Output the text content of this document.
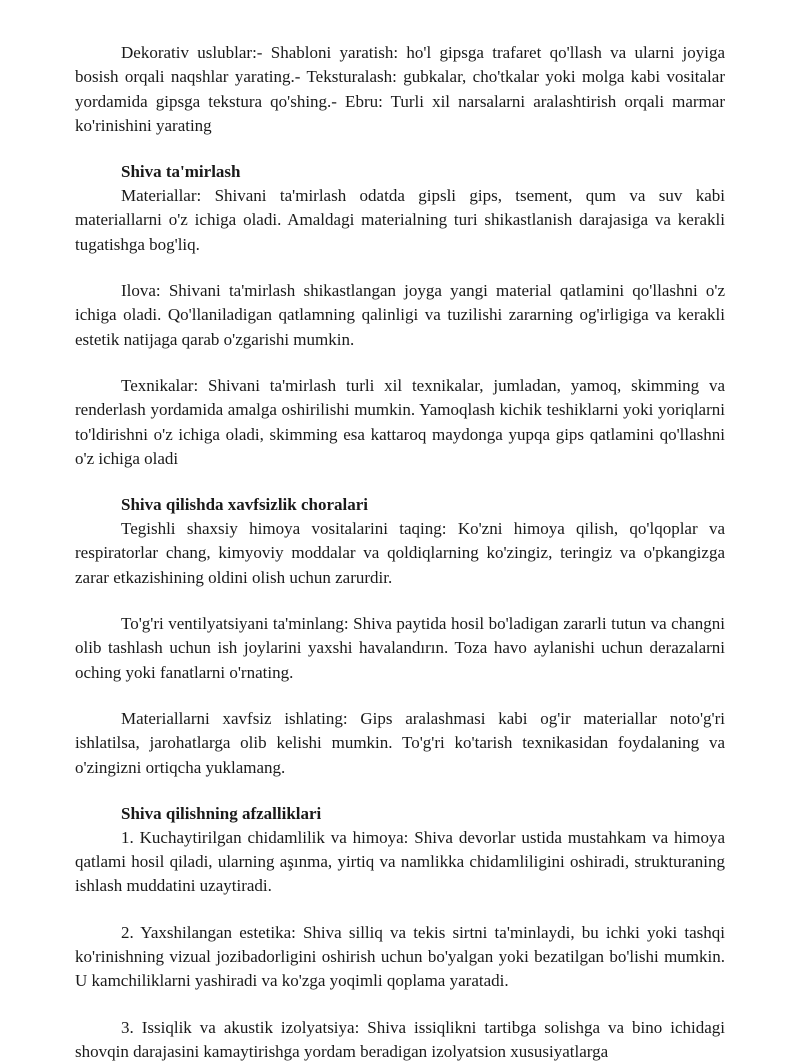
Dekorativ uslublar:- Shabloni yaratish: ho'l gipsga trafaret qo'llash va ularni joyiga bosish orqali naqshlar yarating.- Teksturalash: gubkalar, cho'tkalar yoki molga kabi vositalar yordamida gipsga tekstura qo'shing.- Ebru: Turli xil narsalarni aralashtirish orqali marmar ko'rinishini yarating

Shiva ta'mirlash

Materiallar: Shivani ta'mirlash odatda gipsli gips, tsement, qum va suv kabi materiallarni o'z ichiga oladi. Amaldagi materialning turi shikastlanish darajasiga va kerakli tugatishga bog'liq.

Ilova: Shivani ta'mirlash shikastlangan joyga yangi material qatlamini qo'llashni o'z ichiga oladi. Qo'llaniladigan qatlamning qalinligi va tuzilishi zararning og'irligiga va kerakli estetik natijaga qarab o'zgarishi mumkin.

Texnikalar: Shivani ta'mirlash turli xil texnikalar, jumladan, yamoq, skimming va renderlash yordamida amalga oshirilishi mumkin. Yamoqlash kichik teshiklarni yoki yoriqlarni to'ldirishni o'z ichiga oladi, skimming esa kattaroq maydonga yupqa gips qatlamini qo'llashni o'z ichiga oladi

Shiva qilishda xavfsizlik choralari

Tegishli shaxsiy himoya vositalarini taqing: Ko'zni himoya qilish, qo'lqoplar va respiratorlar chang, kimyoviy moddalar va qoldiqlarning ko'zingiz, teringiz va o'pkangizga zarar etkazishining oldini olish uchun zarurdir.

To'g'ri ventilyatsiyani ta'minlang: Shiva paytida hosil bo'ladigan zararli tutun va changni olib tashlash uchun ish joylarini yaxshi havalandırın. Toza havo aylanishi uchun derazalarni oching yoki fanatlarni o'rnating.

Materiallarni xavfsiz ishlating: Gips aralashmasi kabi og'ir materiallar noto'g'ri ishlatilsa, jarohatlarga olib kelishi mumkin. To'g'ri ko'tarish texnikasidan foydalaning va o'zingizni ortiqcha yuklamang.

Shiva qilishning afzalliklari

1. Kuchaytirilgan chidamlilik va himoya: Shiva devorlar ustida mustahkam va himoya qatlami hosil qiladi, ularning aşınma, yirtiq va namlikka chidamliligini oshiradi, strukturaning ishlash muddatini uzaytiradi.

2. Yaxshilangan estetika: Shiva silliq va tekis sirtni ta'minlaydi, bu ichki yoki tashqi ko'rinishning vizual jozibadorligini oshirish uchun bo'yalgan yoki bezatilgan bo'lishi mumkin. U kamchiliklarni yashiradi va ko'zga yoqimli qoplama yaratadi.

3. Issiqlik va akustik izolyatsiya: Shiva issiqlikni tartibga solishga va bino ichidagi shovqin darajasini kamaytirishga yordam beradigan izolyatsion xususiyatlarga
